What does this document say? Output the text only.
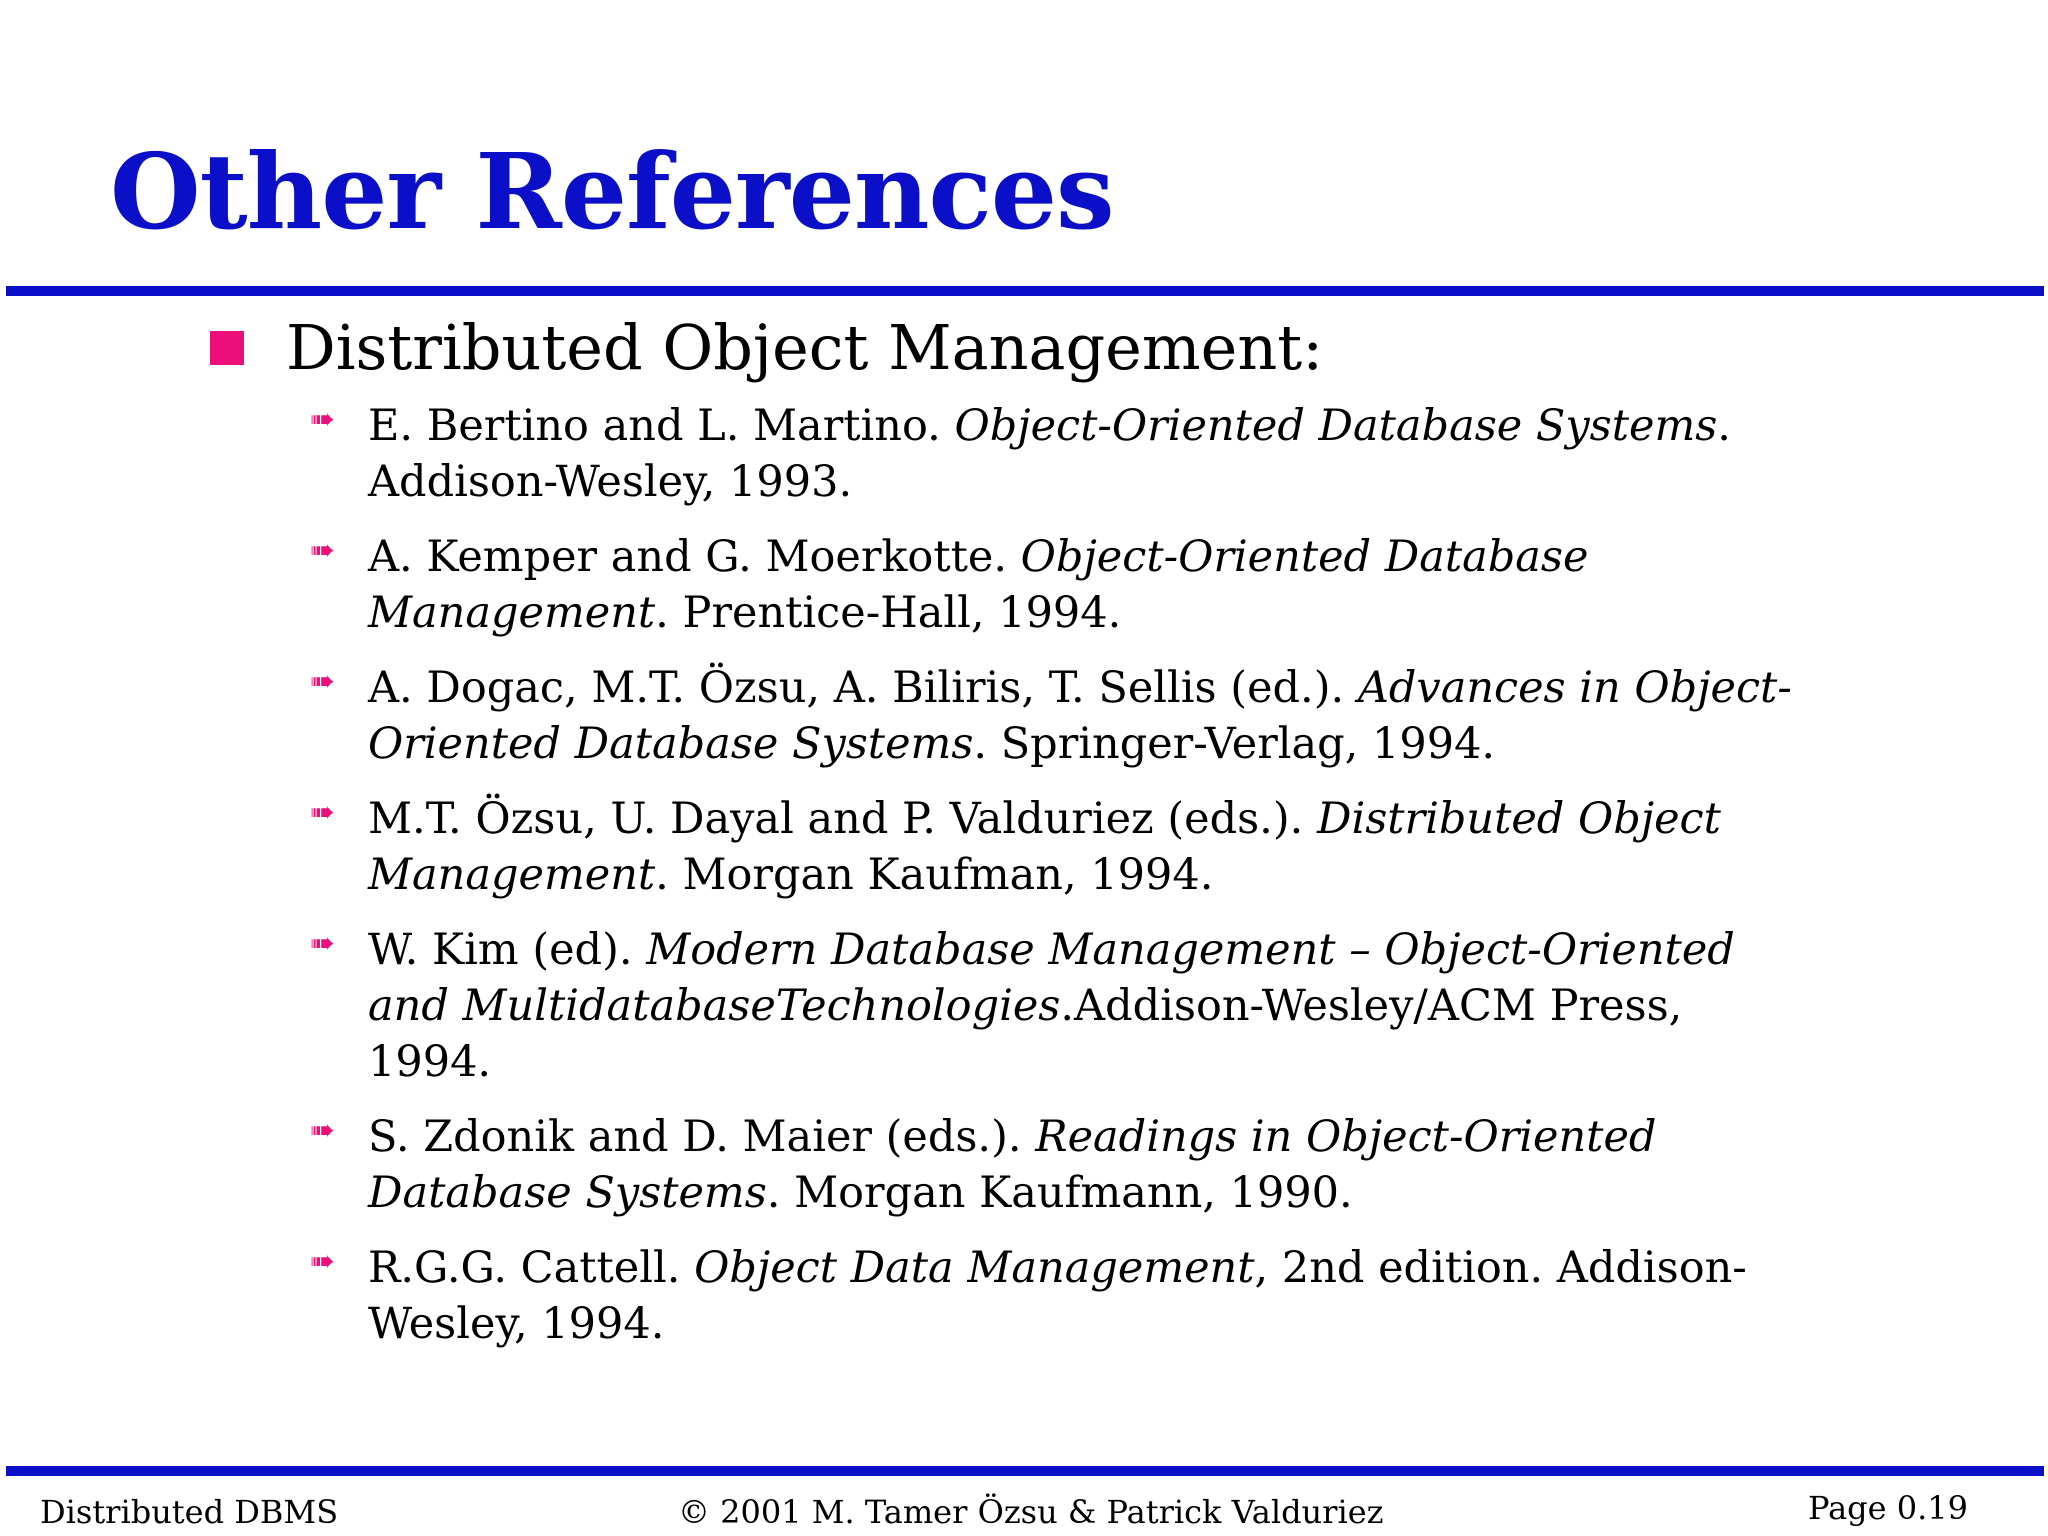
Other References
Distributed Object Management:
➠ E. Bertino and L. Martino. Object-Oriented Database Systems. Addison-Wesley, 1993.
➠ A. Kemper and G. Moerkotte. Object-Oriented Database Management. Prentice-Hall, 1994.
➠ A. Dogac, M.T. Özsu, A. Biliris, T. Sellis (ed.). Advances in Object-Oriented Database Systems. Springer-Verlag, 1994.
➠ M.T. Özsu, U. Dayal and P. Valduriez (eds.). Distributed Object Management. Morgan Kaufman, 1994.
➠ W. Kim (ed). Modern Database Management – Object-Oriented and MultidatabaseTechnologies.Addison-Wesley/ACM Press, 1994.
➠ S. Zdonik and D. Maier (eds.). Readings in Object-Oriented Database Systems. Morgan Kaufmann, 1990.
➠ R.G.G. Cattell. Object Data Management, 2nd edition. Addison-Wesley, 1994.
Distributed DBMS	© 2001 M. Tamer Özsu & Patrick Valduriez	Page 0.19
